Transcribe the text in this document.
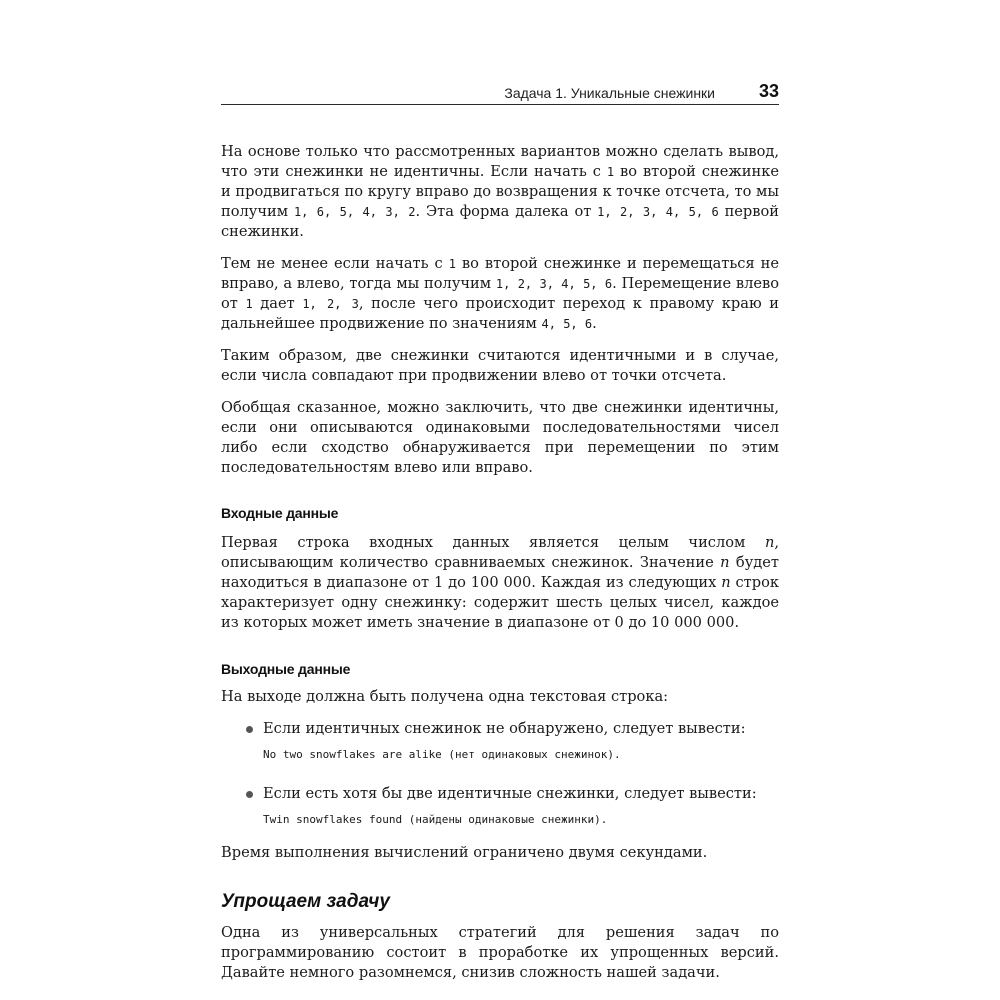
Задача 1. Уникальные снежинки 33

На основе только что рассмотренных вариантов можно сделать вывод, что эти снежинки не идентичны. Если начать с 1 во второй снежинке и продвигаться по кругу вправо до возвращения к точке отсчета, то мы получим 1, 6, 5, 4, 3, 2. Эта форма далека от 1, 2, 3, 4, 5, 6 первой снежинки.

Тем не менее если начать с 1 во второй снежинке и перемещаться не вправо, а влево, тогда мы получим 1, 2, 3, 4, 5, 6. Перемещение влево от 1 дает 1, 2, 3, после чего происходит переход к правому краю и дальнейшее продвижение по значениям 4, 5, 6.

Таким образом, две снежинки считаются идентичными и в случае, если числа совпадают при продвижении влево от точки отсчета.

Обобщая сказанное, можно заключить, что две снежинки идентичны, если они описываются одинаковыми последовательностями чисел либо если сходство обнаруживается при перемещении по этим последовательностям влево или вправо.

Входные данные

Первая строка входных данных является целым числом n, описывающим количество сравниваемых снежинок. Значение n будет находиться в диапазоне от 1 до 100 000. Каждая из следующих n строк характеризует одну снежинку: содержит шесть целых чисел, каждое из которых может иметь значение в диапазоне от 0 до 10 000 000.

Выходные данные

На выходе должна быть получена одна текстовая строка:

Если идентичных снежинок не обнаружено, следует вывести:

No two snowflakes are alike (нет одинаковых снежинок).

Если есть хотя бы две идентичные снежинки, следует вывести:

Twin snowflakes found (найдены одинаковые снежинки).

Время выполнения вычислений ограничено двумя секундами.

Упрощаем задачу

Одна из универсальных стратегий для решения задач по программированию состоит в проработке их упрощенных версий. Давайте немного разомнемся, снизив сложность нашей задачи.
